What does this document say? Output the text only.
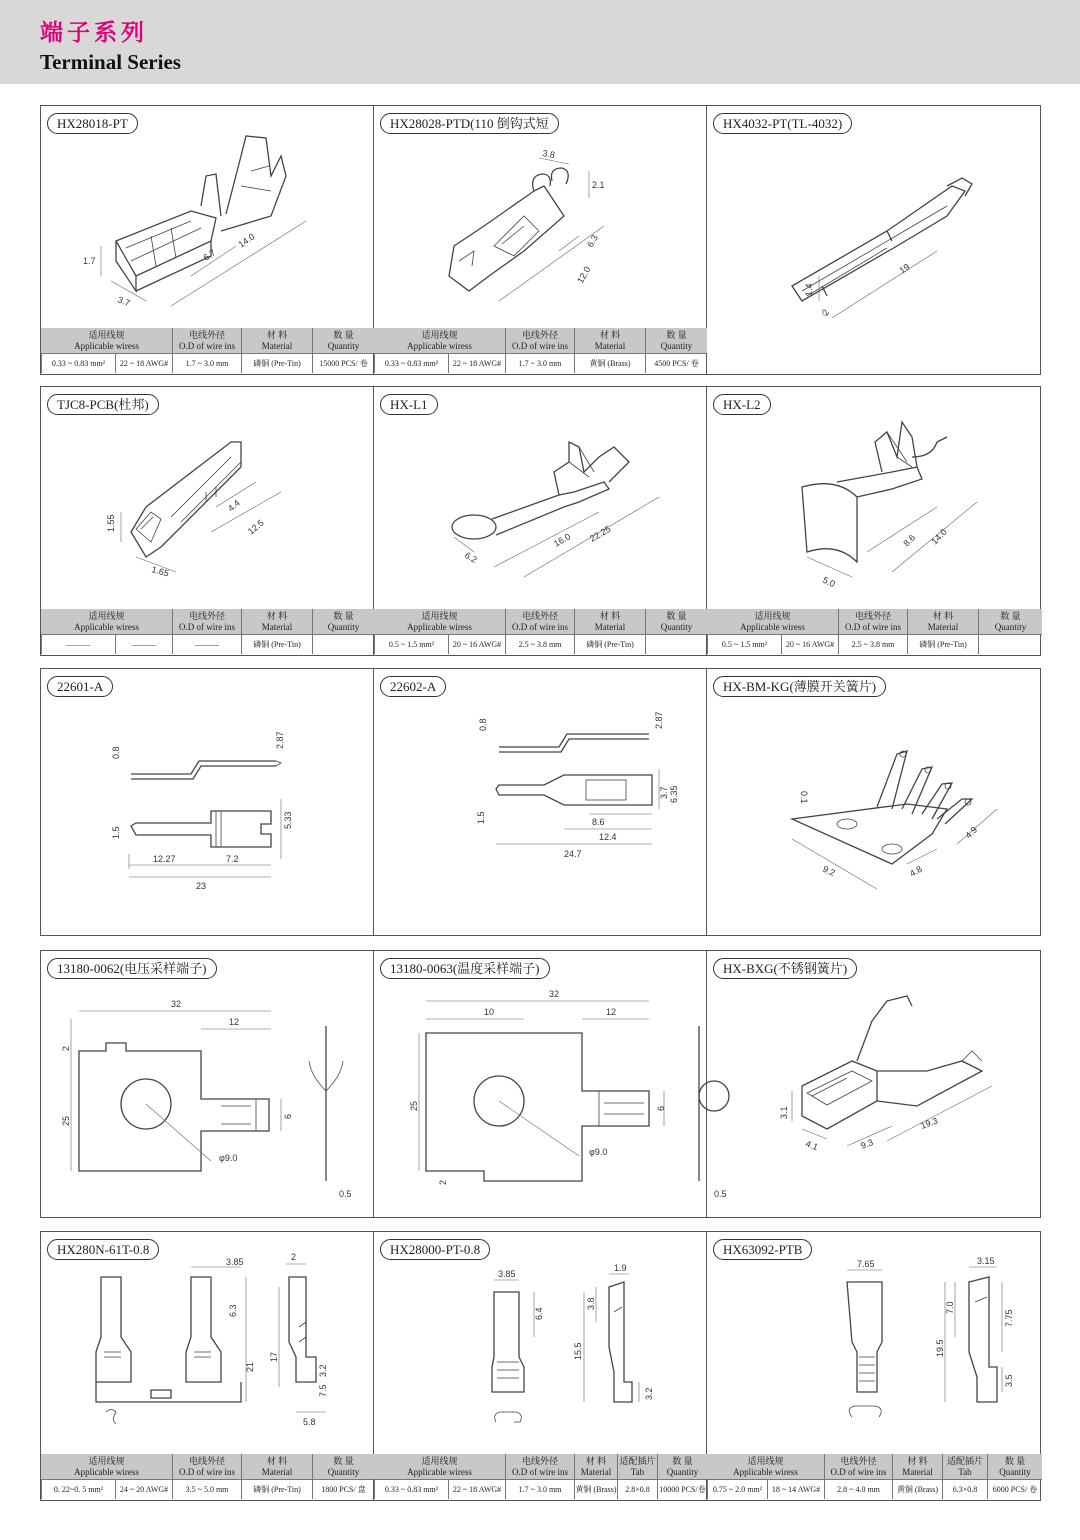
端子系列
Terminal Series
HX28018-PT
1.7
3.7
6.7
14.0
适用线规
Applicable wiress
电线外径
O.D of wire ins
材 料
Material
数 量
Quantity
0.33 ~ 0.83 mm²	22 ~ 18 AWG#	1.7 ~ 3.0 mm	磷铜 (Pre-Tin)	15000 PCS/ 卷
HX28028-PTD(110 倒钩式短
3.8
2.1
6.3
12.0
适用线规
Applicable wiress
电线外径
O.D of wire ins
材 料
Material
数 量
Quantity
0.33 ~ 0.83 mm²	22 ~ 18 AWG#	1.7 ~ 3.0 mm	黄铜 (Brass)	4500 PCS/ 卷
HX4032-PT(TL-4032)
1.4
2
19
TJC8-PCB(杜邦)
1.55
1.65
4.4
12.5
适用线规
Applicable wiress
电线外径
O.D of wire ins
材 料
Material
数 量
Quantity
———	———	———	磷铜 (Pre-Tin)
HX-L1
6.2
16.0 22.25
适用线规
Applicable wiress
电线外径
O.D of wire ins
材 料
Material
数 量
Quantity
0.5 ~ 1.5 mm²	20 ~ 16 AWG#	2.5 ~ 3.8 mm	磷铜 (Pre-Tin)
HX-L2
5.0
8.6 14.0
适用线规
Applicable wiress
电线外径
O.D of wire ins
材 料
Material
数 量
Quantity
0.5 ~ 1.5 mm²	20 ~ 16 AWG#	2.5 ~ 3.8 mm	磷铜 (Pre-Tin)
22601-A
0.8
2.87
1.5
5.33
12.27	7.2
23
22602-A
0.8	2.87
1.5
3.7 6.35
8.6
12.4
24.7
HX-BM-KG(薄膜开关簧片)
0.1
9.2	4.8
4.9
13180-0062(电压采样端子)
32
12
2
25	6
φ9.0
0.5
13180-0063(温度采样端子)
32
10	12
25	6
2
φ9.0
0.5
HX-BXG(不锈钢簧片)
3.1
4.1	9.3
19.3
HX280N-61T-0.8
3.85	2
6.3
17
21	3.2
7.5
5.8
适用线规
Applicable wiress
电线外径
O.D of wire ins
材 料
Material
数 量
Quantity
0. 22~0. 5 mm²	24 ~ 20 AWG#	3.5 ~ 5.0 mm	磷铜 (Pre-Tin)	1800 PCS/ 盘
HX28000-PT-0.8
3.85
1.9
6.4
3.8
15.5
3.2
适用线规
Applicable wiress
电线外径
O.D of wire ins
材 料
Material
适配插片
Tab
数 量
Quantity
0.33 ~ 0.83 mm²	22 ~ 18 AWG#	1.7 ~ 3.0 mm	黄铜 (Brass)	2.8×0.8	10000 PCS/卷
HX63092-PTB
7.65	3.15
7.0
7.75
19.5
3.5
适用线规
Applicable wiress
电线外径
O.D of wire ins
材 料
Material
适配插片
Tab
数 量
Quantity
0.75 ~ 2.0 mm²	18 ~ 14 AWG#	2.8 ~ 4.0 mm	黄铜 (Brass)	6.3×0.8	6000 PCS/ 卷
